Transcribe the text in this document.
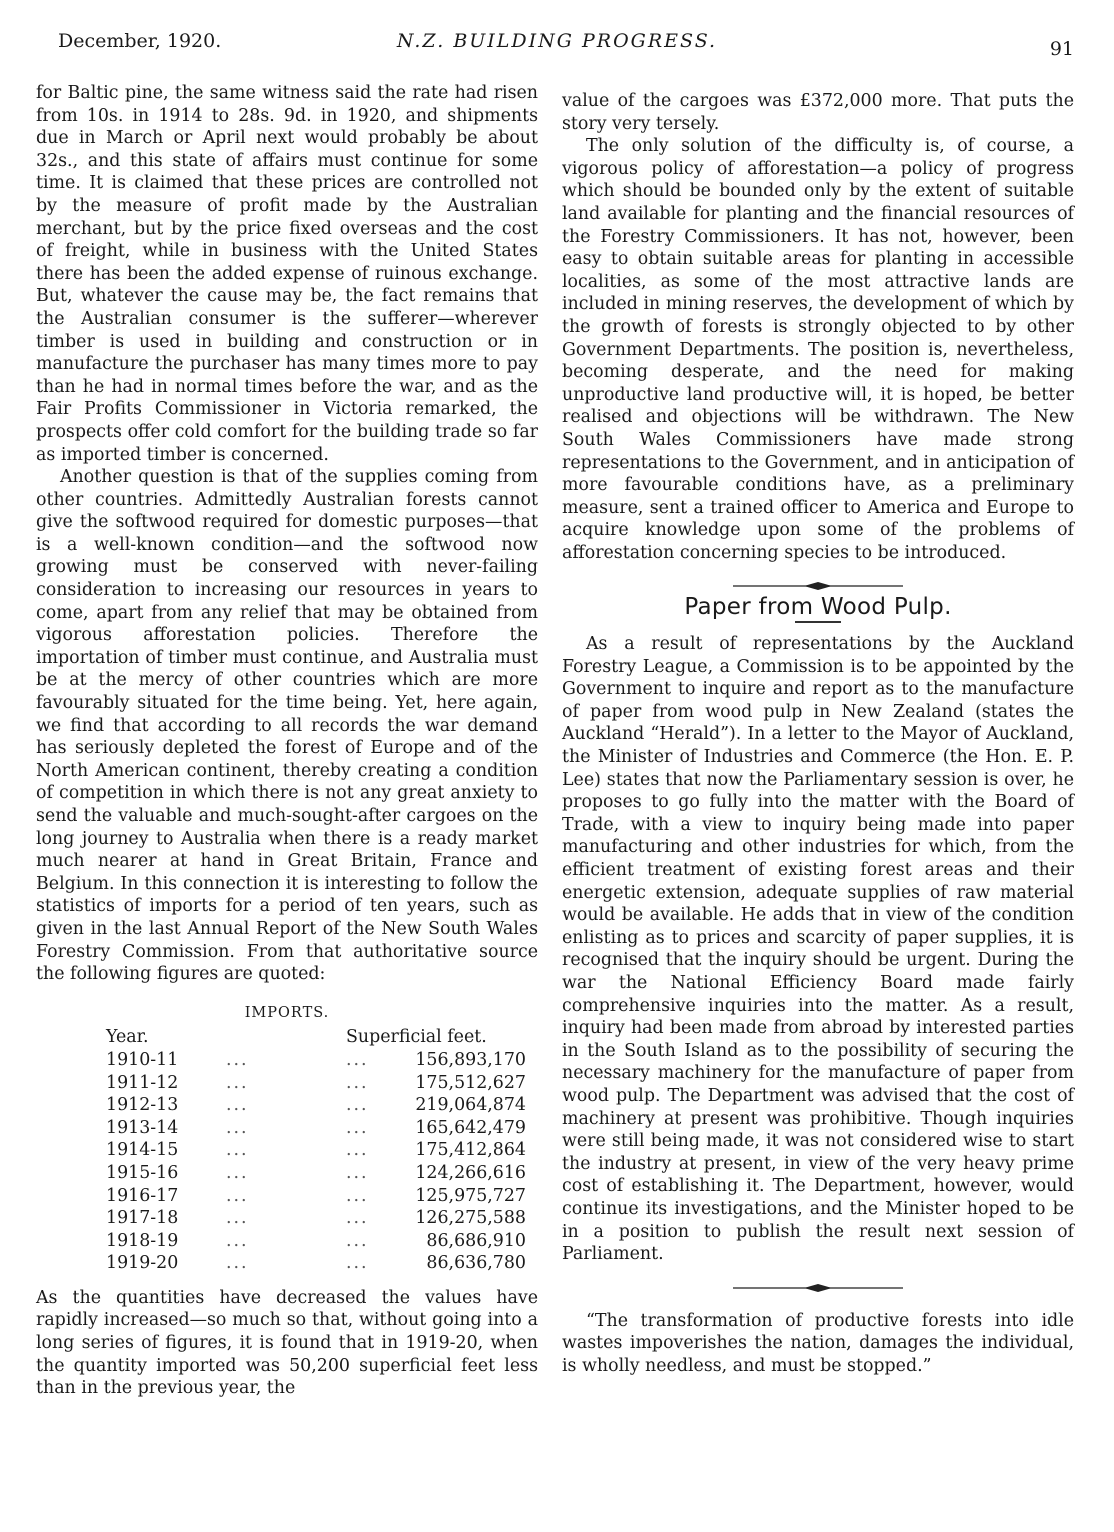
December, 1920.	N.Z. BUILDING PROGRESS.	91

for Baltic pine, the same witness said the rate had risen from 10s. in 1914 to 28s. 9d. in 1920, and shipments due in March or April next would probably be about 32s., and this state of affairs must continue for some time. It is claimed that these prices are controlled not by the measure of profit made by the Australian merchant, but by the price fixed overseas and the cost of freight, while in business with the United States there has been the added expense of ruinous exchange. But, whatever the cause may be, the fact remains that the Australian consumer is the sufferer—wherever timber is used in building and construction or in manufacture the purchaser has many times more to pay than he had in normal times before the war, and as the Fair Profits Commissioner in Victoria remarked, the prospects offer cold comfort for the building trade so far as imported timber is concerned.

Another question is that of the supplies coming from other countries. Admittedly Australian forests cannot give the softwood required for domestic purposes—that is a well-known condition—and the softwood now growing must be conserved with never-failing consideration to increasing our resources in years to come, apart from any relief that may be obtained from vigorous afforestation policies. Therefore the importation of timber must continue, and Australia must be at the mercy of other countries which are more favourably situated for the time being. Yet, here again, we find that according to all records the war demand has seriously depleted the forest of Europe and of the North American continent, thereby creating a condition of competition in which there is not any great anxiety to send the valuable and much-sought-after cargoes on the long journey to Australia when there is a ready market much nearer at hand in Great Britain, France and Belgium. In this connection it is interesting to follow the statistics of imports for a period of ten years, such as given in the last Annual Report of the New South Wales Forestry Commission. From that authoritative source the following figures are quoted:

IMPORTS.
Year.		Superficial feet.	
1910-11	...	...	156,893,170
1911-12	...	...	175,512,627
1912-13	...	...	219,064,874
1913-14	...	...	165,642,479
1914-15	...	...	175,412,864
1915-16	...	...	124,266,616
1916-17	...	...	125,975,727
1917-18	...	...	126,275,588
1918-19	...	...	86,686,910
1919-20	...	...	86,636,780

As the quantities have decreased the values have rapidly increased—so much so that, without going into a long series of figures, it is found that in 1919-20, when the quantity imported was 50,200 superficial feet less than in the previous year, the

value of the cargoes was £372,000 more. That puts the story very tersely.

The only solution of the difficulty is, of course, a vigorous policy of afforestation—a policy of progress which should be bounded only by the extent of suitable land available for planting and the financial resources of the Forestry Commissioners. It has not, however, been easy to obtain suitable areas for planting in accessible localities, as some of the most attractive lands are included in mining reserves, the development of which by the growth of forests is strongly objected to by other Government Departments. The position is, nevertheless, becoming desperate, and the need for making unproductive land productive will, it is hoped, be better realised and objections will be withdrawn. The New South Wales Commissioners have made strong representations to the Government, and in anticipation of more favourable conditions have, as a preliminary measure, sent a trained officer to America and Europe to acquire knowledge upon some of the problems of afforestation concerning species to be introduced.

Paper from Wood Pulp.

As a result of representations by the Auckland Forestry League, a Commission is to be appointed by the Government to inquire and report as to the manufacture of paper from wood pulp in New Zealand (states the Auckland “Herald”). In a letter to the Mayor of Auckland, the Minister of Industries and Commerce (the Hon. E. P. Lee) states that now the Parliamentary session is over, he proposes to go fully into the matter with the Board of Trade, with a view to inquiry being made into paper manufacturing and other industries for which, from the efficient treatment of existing forest areas and their energetic extension, adequate supplies of raw material would be available. He adds that in view of the condition enlisting as to prices and scarcity of paper supplies, it is recognised that the inquiry should be urgent. During the war the National Efficiency Board made fairly comprehensive inquiries into the matter. As a result, inquiry had been made from abroad by interested parties in the South Island as to the possibility of securing the necessary machinery for the manufacture of paper from wood pulp. The Department was advised that the cost of machinery at present was prohibitive. Though inquiries were still being made, it was not considered wise to start the industry at present, in view of the very heavy prime cost of establishing it. The Department, however, would continue its investigations, and the Minister hoped to be in a position to publish the result next session of Parliament.

“The transformation of productive forests into idle wastes impoverishes the nation, damages the individual, is wholly needless, and must be stopped.”
